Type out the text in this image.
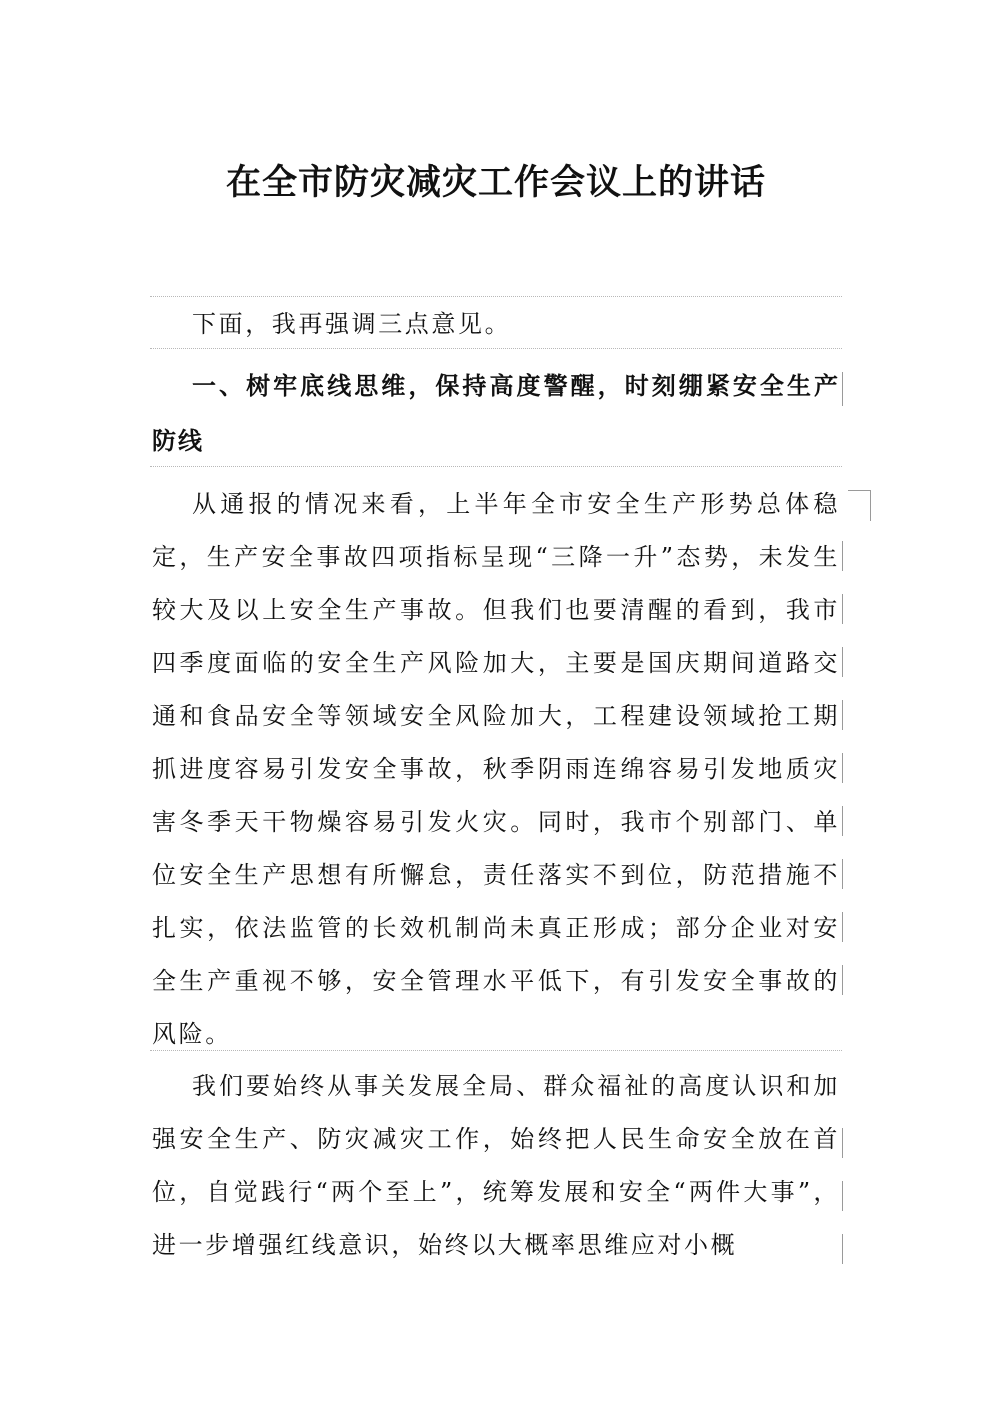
在全市防灾减灾工作会议上的讲话

下面，我再强调三点意见。

一、树牢底线思维，保持高度警醒，时刻绷紧安全生产防线

从通报的情况来看，上半年全市安全生产形势总体稳定，生产安全事故四项指标呈现“三降一升”态势，未发生较大及以上安全生产事故。但我们也要清醒的看到，我市四季度面临的安全生产风险加大，主要是国庆期间道路交通和食品安全等领域安全风险加大，工程建设领域抢工期抓进度容易引发安全事故，秋季阴雨连绵容易引发地质灾害冬季天干物燥容易引发火灾。同时，我市个别部门、单位安全生产思想有所懈怠，责任落实不到位，防范措施不扎实，依法监管的长效机制尚未真正形成；部分企业对安全生产重视不够，安全管理水平低下，有引发安全事故的风险。

我们要始终从事关发展全局、群众福祉的高度认识和加强安全生产、防灾减灾工作，始终把人民生命安全放在首位，自觉践行“两个至上”，统筹发展和安全“两件大事”，进一步增强红线意识，始终以大概率思维应对小概
